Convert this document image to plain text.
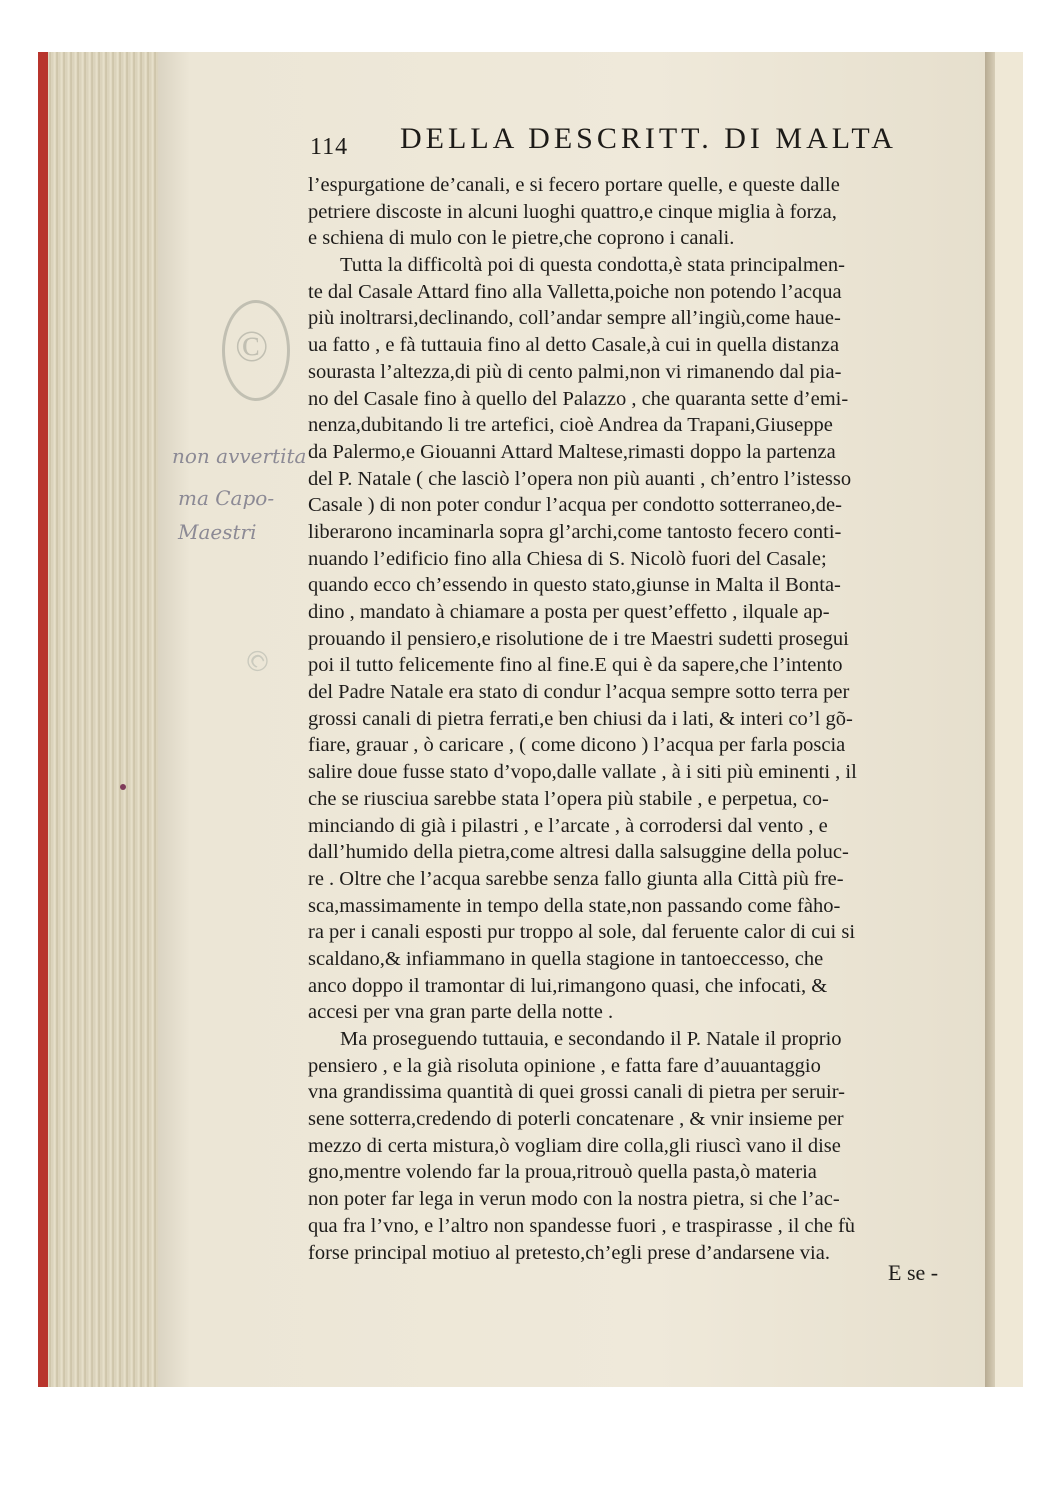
©
©
non avvertita
ma Capo-
Maestri
114 DELLA DESCRITT. DI MALTA
l’espurgatione de’canali, e si fecero portare quelle, e queste dalle
petriere discoste in alcuni luoghi quattro,e cinque miglia à forza,
e schiena di mulo con le pietre,che coprono i canali.
Tutta la difficoltà poi di questa condotta,è stata principalmen-
te dal Casale Attard fino alla Valletta,poiche non potendo l’acqua
più inoltrarsi,declinando, coll’andar sempre all’ingiù,come haue-
ua fatto , e fà tuttauia fino al detto Casale,à cui in quella distanza
sourasta l’altezza,di più di cento palmi,non vi rimanendo dal pia-
no del Casale fino à quello del Palazzo , che quaranta sette d’emi-
nenza,dubitando li tre artefici, cioè Andrea da Trapani,Giuseppe
da Palermo,e Giouanni Attard Maltese,rimasti doppo la partenza
del P. Natale ( che lasciò l’opera non più auanti , ch’entro l’istesso
Casale ) di non poter condur l’acqua per condotto sotterraneo,de-
liberarono incaminarla sopra gl’archi,come tantosto fecero conti-
nuando l’edificio fino alla Chiesa di S. Nicolò fuori del Casale;
quando ecco ch’essendo in questo stato,giunse in Malta il Bonta-
dino , mandato à chiamare a posta per quest’effetto , ilquale ap-
prouando il pensiero,e risolutione de i tre Maestri sudetti prosegui
poi il tutto felicemente fino al fine.E qui è da sapere,che l’intento
del Padre Natale era stato di condur l’acqua sempre sotto terra per
grossi canali di pietra ferrati,e ben chiusi da i lati, & interi co’l gõ-
fiare, grauar , ò caricare , ( come dicono ) l’acqua per farla poscia
salire doue fusse stato d’vopo,dalle vallate , à i siti più eminenti , il
che se riusciua sarebbe stata l’opera più stabile , e perpetua, co-
minciando di già i pilastri , e l’arcate , à corrodersi dal vento , e
dall’humido della pietra,come altresi dalla salsuggine della poluc-
re . Oltre che l’acqua sarebbe senza fallo giunta alla Città più fre-
sca,massimamente in tempo della state,non passando come fàho-
ra per i canali esposti pur troppo al sole, dal feruente calor di cui si
scaldano,& infiammano in quella stagione in tantoeccesso, che
anco doppo il tramontar di lui,rimangono quasi, che infocati, &
accesi per vna gran parte della notte .
Ma proseguendo tuttauia, e secondando il P. Natale il proprio
pensiero , e la già risoluta opinione , e fatta fare d’auuantaggio
vna grandissima quantità di quei grossi canali di pietra per seruir-
sene sotterra,credendo di poterli concatenare , & vnir insieme per
mezzo di certa mistura,ò vogliam dire colla,gli riuscì vano il dise
gno,mentre volendo far la proua,ritrouò quella pasta,ò materia
non poter far lega in verun modo con la nostra pietra, si che l’ac-
qua fra l’vno, e l’altro non spandesse fuori , e traspirasse , il che fù
forse principal motiuo al pretesto,ch’egli prese d’andarsene via.
E se -
